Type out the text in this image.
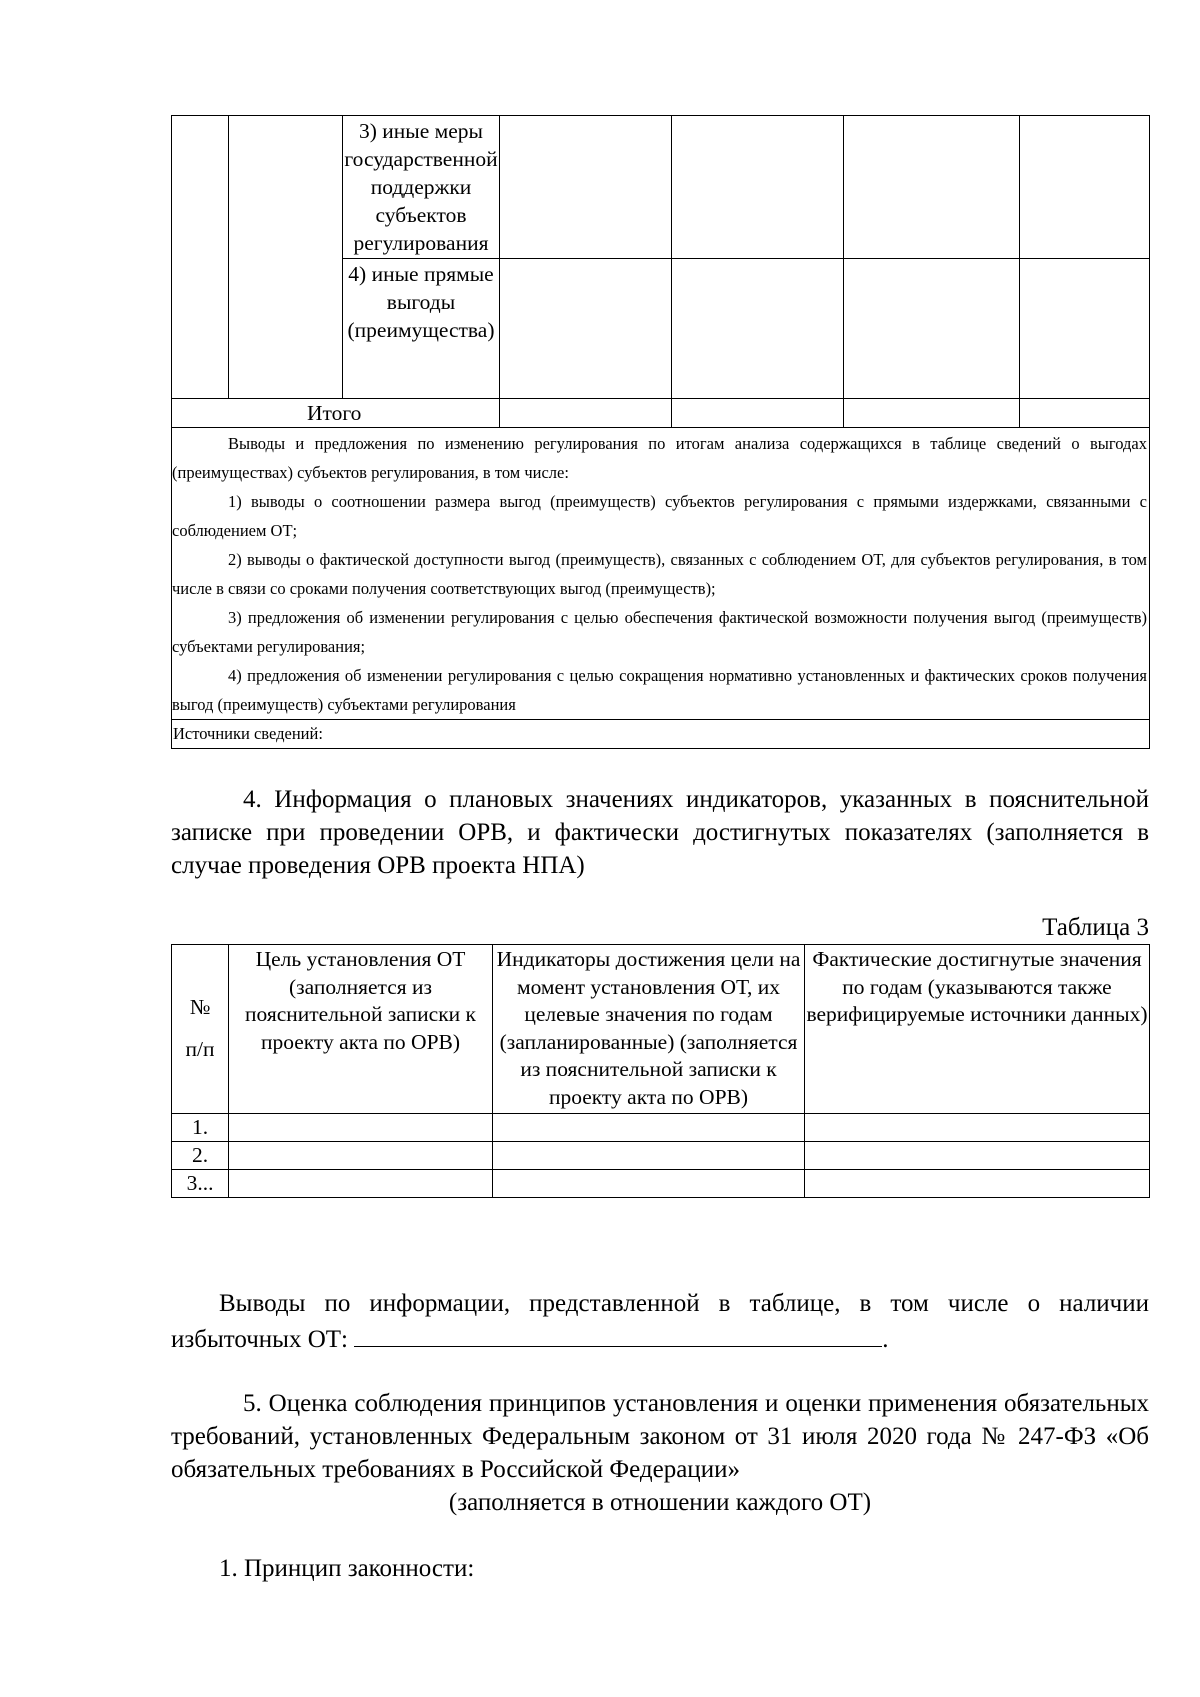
		3) иные меры государственной поддержки субъектов регулирования				
		4) иные прямые выгоды (преимущества)				
Итого						

Выводы и предложения по изменению регулирования по итогам анализа содержащихся в таблице сведений о выгодах (преимуществах) субъектов регулирования, в том числе:
1) выводы о соотношении размера выгод (преимуществ) субъектов регулирования с прямыми издержками, связанными с соблюдением ОТ;
2) выводы о фактической доступности выгод (преимуществ), связанных с соблюдением ОТ, для субъектов регулирования, в том числе в связи со сроками получения соответствующих выгод (преимуществ);
3) предложения об изменении регулирования с целью обеспечения фактической возможности получения выгод (преимуществ) субъектами регулирования;
4) предложения об изменении регулирования с целью сокращения нормативно установленных и фактических сроков получения выгод (преимуществ) субъектами регулирования						

Источники сведений:						
4. Информация о плановых значениях индикаторов, указанных в пояснительной записке при проведении ОРВ, и фактически достигнутых показателях (заполняется в случае проведения ОРВ проекта НПА)
Таблица 3
№
п/п	Цель установления ОТ (заполняется из пояснительной записки к проекту акта по ОРВ)	Индикаторы достижения цели на момент установления ОТ, их целевые значения по годам (запланированные) (заполняется из пояснительной записки к проекту акта по ОРВ)	Фактические достигнутые значения по годам (указываются также верифицируемые источники данных)
1.			
2.			
3...			
Выводы по информации, представленной в таблице, в том числе о наличии избыточных ОТ:	.
5. Оценка соблюдения принципов установления и оценки применения обязательных требований, установленных Федеральным законом от 31 июля 2020 года № 247-ФЗ «Об обязательных требованиях в Российской Федерации»
(заполняется в отношении каждого ОТ)
1. Принцип законности:
